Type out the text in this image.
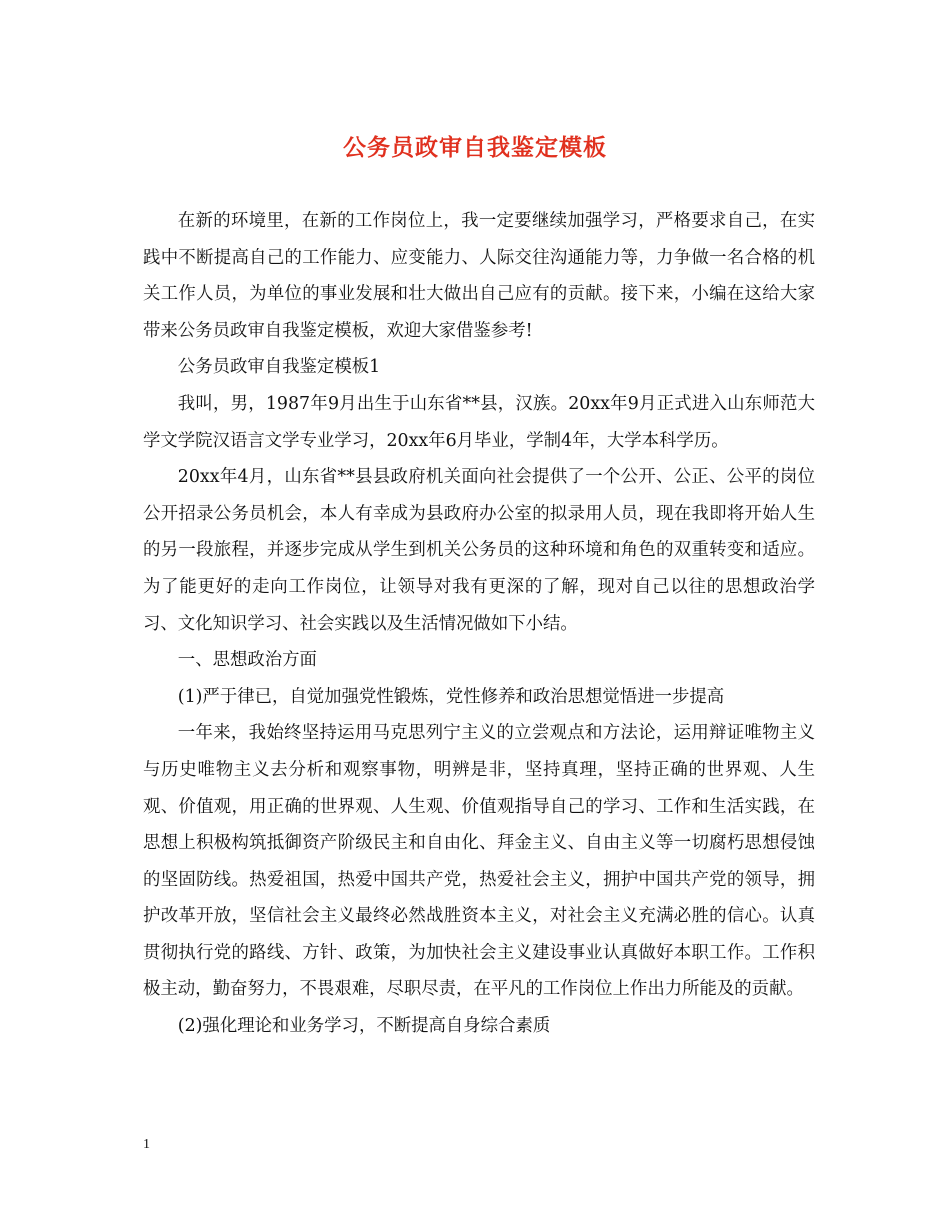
公务员政审自我鉴定模板

在新的环境里，在新的工作岗位上，我一定要继续加强学习，严格要求自己，在实践中不断提高自己的工作能力、应变能力、人际交往沟通能力等，力争做一名合格的机关工作人员，为单位的事业发展和壮大做出自己应有的贡献。接下来，小编在这给大家带来公务员政审自我鉴定模板，欢迎大家借鉴参考!

公务员政审自我鉴定模板1

我叫，男，1987年9月出生于山东省**县，汉族。20xx年9月正式进入山东师范大学文学院汉语言文学专业学习，20xx年6月毕业，学制4年，大学本科学历。

20xx年4月，山东省**县县政府机关面向社会提供了一个公开、公正、公平的岗位公开招录公务员机会，本人有幸成为县政府办公室的拟录用人员，现在我即将开始人生的另一段旅程，并逐步完成从学生到机关公务员的这种环境和角色的双重转变和适应。为了能更好的走向工作岗位，让领导对我有更深的了解，现对自己以往的思想政治学习、文化知识学习、社会实践以及生活情况做如下小结。

一、思想政治方面

(1)严于律已，自觉加强党性锻炼，党性修养和政治思想觉悟进一步提高

一年来，我始终坚持运用马克思列宁主义的立尝观点和方法论，运用辩证唯物主义与历史唯物主义去分析和观察事物，明辨是非，坚持真理，坚持正确的世界观、人生观、价值观，用正确的世界观、人生观、价值观指导自己的学习、工作和生活实践，在思想上积极构筑抵御资产阶级民主和自由化、拜金主义、自由主义等一切腐朽思想侵蚀的坚固防线。热爱祖国，热爱中国共产党，热爱社会主义，拥护中国共产党的领导，拥护改革开放，坚信社会主义最终必然战胜资本主义，对社会主义充满必胜的信心。认真贯彻执行党的路线、方针、政策，为加快社会主义建设事业认真做好本职工作。工作积极主动，勤奋努力，不畏艰难，尽职尽责，在平凡的工作岗位上作出力所能及的贡献。

(2)强化理论和业务学习，不断提高自身综合素质

1
